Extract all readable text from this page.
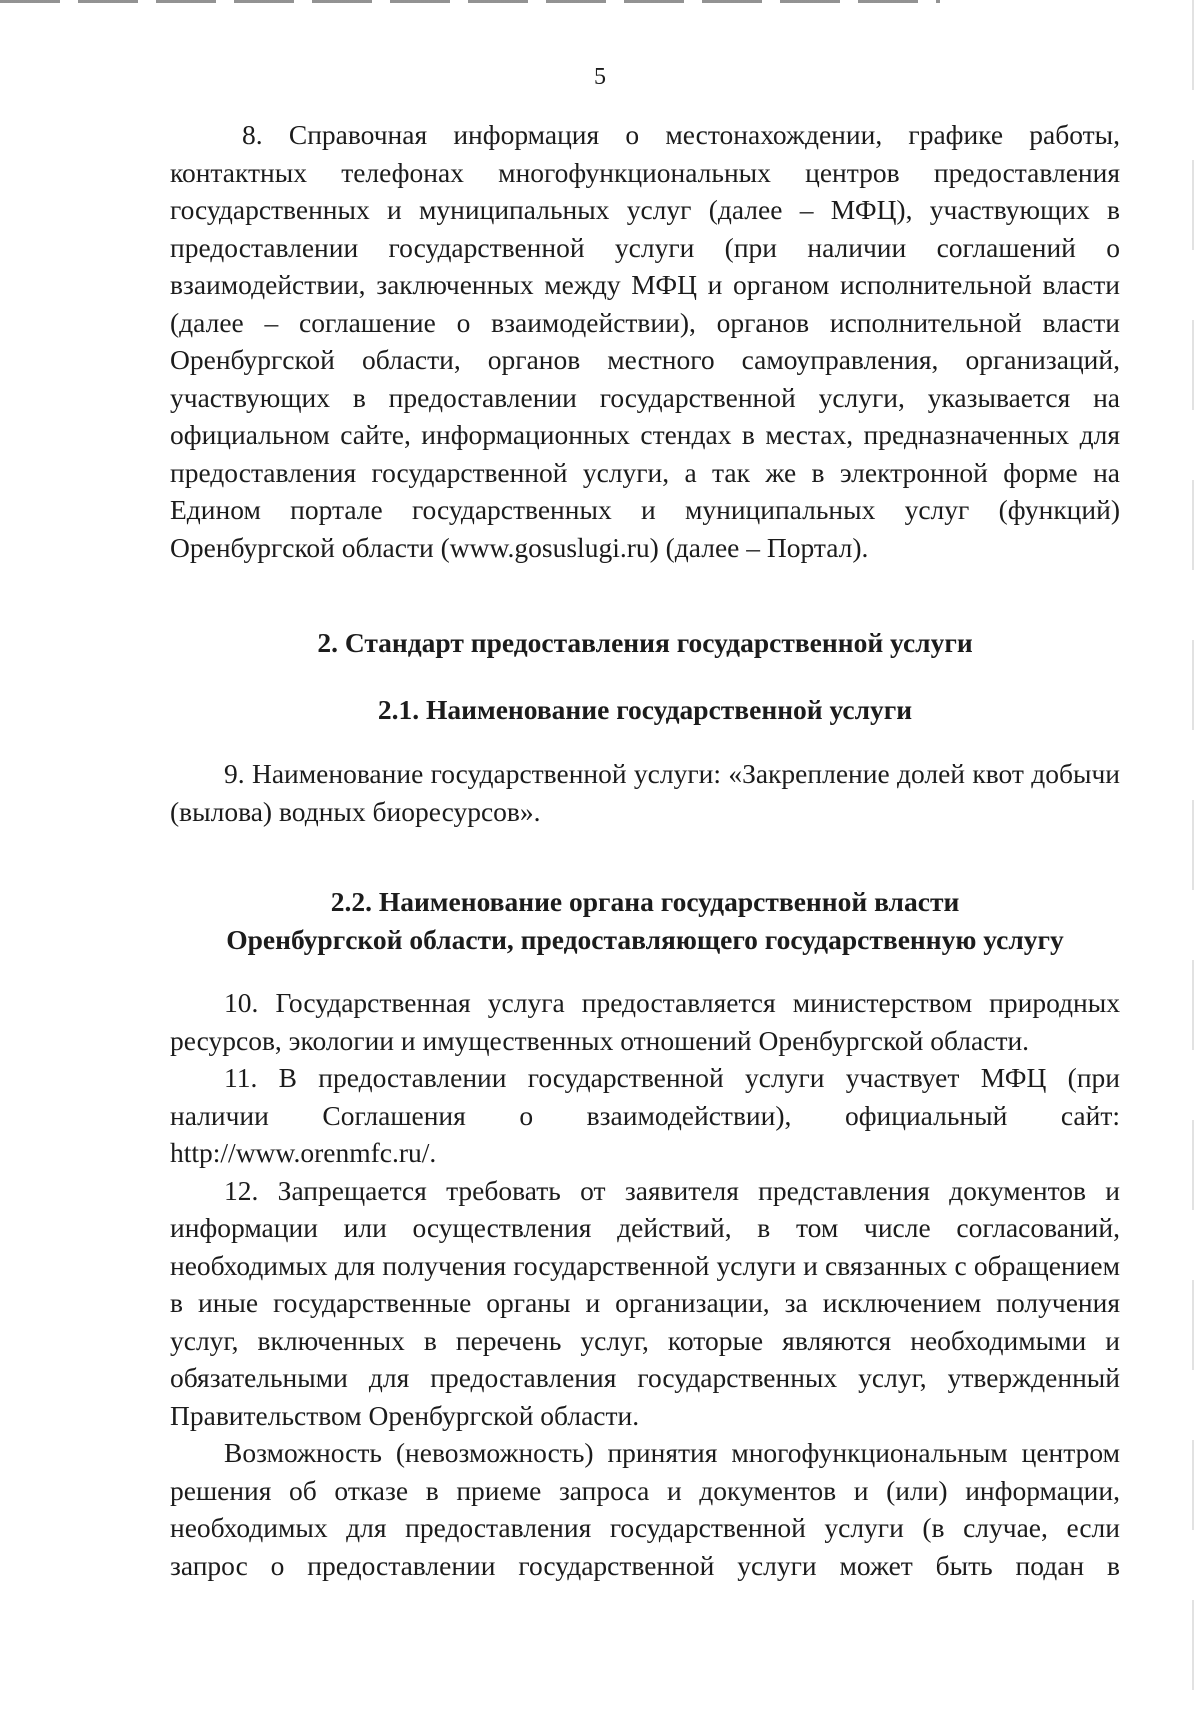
5

8. Справочная информация о местонахождении, графике работы, контактных телефонах многофункциональных центров предоставления государственных и муниципальных услуг (далее – МФЦ), участвующих в предоставлении государственной услуги (при наличии соглашений о взаимодействии, заключенных между МФЦ и органом исполнительной власти (далее – соглашение о взаимодействии), органов исполнительной власти Оренбургской области, органов местного самоуправления, организаций, участвующих в предоставлении государственной услуги, указывается на официальном сайте, информационных стендах в местах, предназначенных для предоставления государственной услуги, а так же в электронной форме на Едином портале государственных и муниципальных услуг (функций) Оренбургской области (www.gosuslugi.ru) (далее – Портал).

2. Стандарт предоставления государственной услуги

2.1. Наименование государственной услуги

9. Наименование государственной услуги: «Закрепление долей квот добычи (вылова) водных биоресурсов».

2.2. Наименование органа государственной власти

Оренбургской области, предоставляющего государственную услугу

10. Государственная услуга предоставляется министерством природных ресурсов, экологии и имущественных отношений Оренбургской области.

11. В предоставлении государственной услуги участвует МФЦ (при наличии Соглашения о взаимодействии), официальный сайт: http://www.orenmfc.ru/.

12. Запрещается требовать от заявителя представления документов и информации или осуществления действий, в том числе согласований, необходимых для получения государственной услуги и связанных с обращением в иные государственные органы и организации, за исключением получения услуг, включенных в перечень услуг, которые являются необходимыми и обязательными для предоставления государственных услуг, утвержденный Правительством Оренбургской области.

Возможность (невозможность) принятия многофункциональным центром решения об отказе в приеме запроса и документов и (или) информации, необходимых для предоставления государственной услуги (в случае, если запрос о предоставлении государственной услуги может быть подан в
